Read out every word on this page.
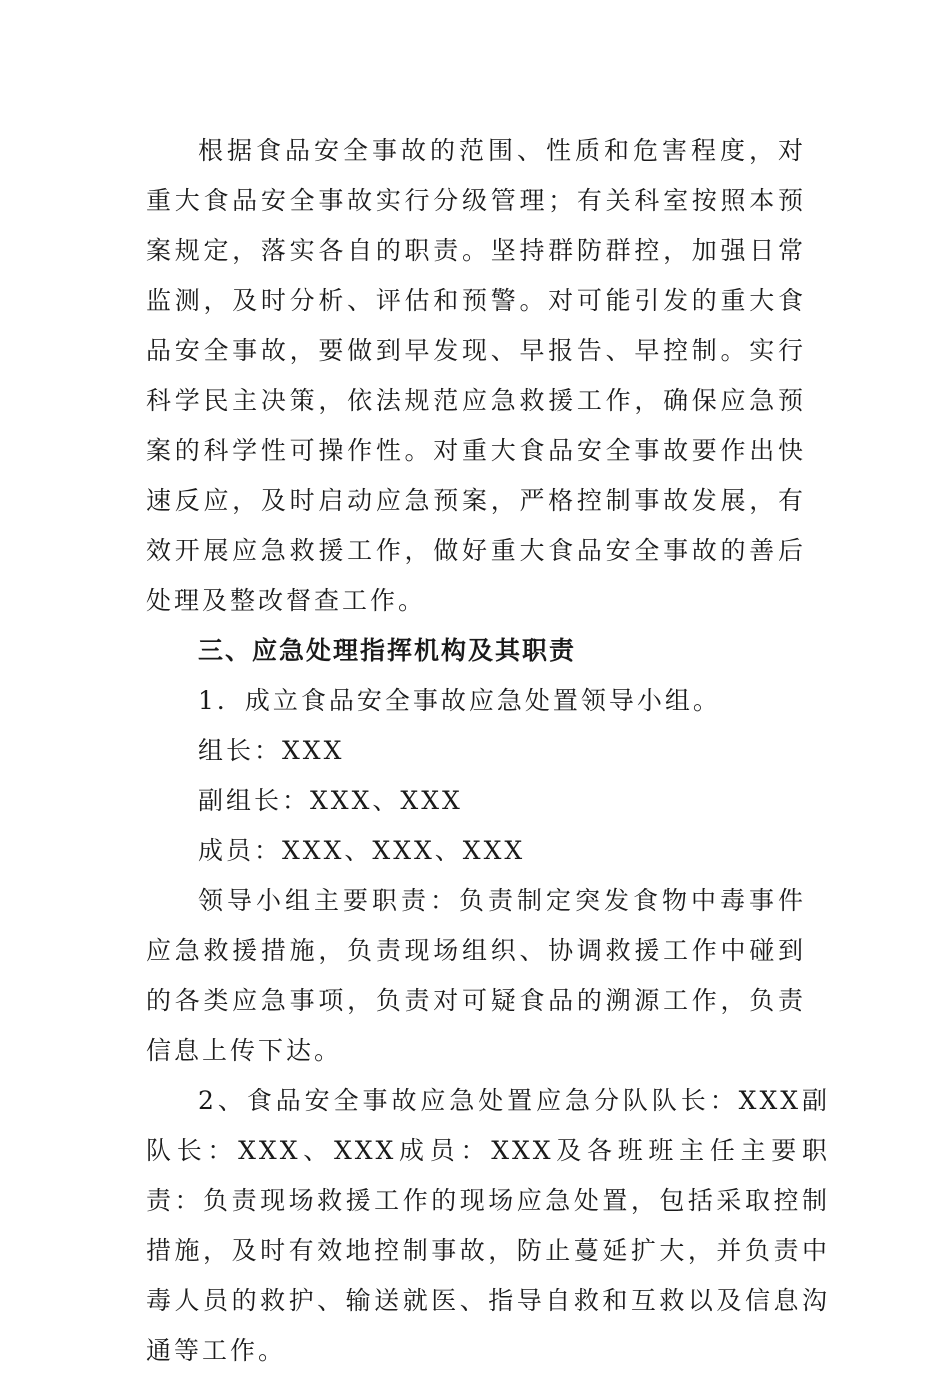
根据食品安全事故的范围、性质和危害程度，对重大食品安全事故实行分级管理；有关科室按照本预案规定，落实各自的职责。坚持群防群控，加强日常监测，及时分析、评估和预警。对可能引发的重大食品安全事故，要做到早发现、早报告、早控制。实行科学民主决策，依法规范应急救援工作，确保应急预案的科学性可操作性。对重大食品安全事故要作出快速反应，及时启动应急预案，严格控制事故发展，有效开展应急救援工作，做好重大食品安全事故的善后处理及整改督查工作。

三、应急处理指挥机构及其职责

1．成立食品安全事故应急处置领导小组。

组长：XXX

副组长：XXX、XXX

成员：XXX、XXX、XXX

领导小组主要职责：负责制定突发食物中毒事件应急救援措施，负责现场组织、协调救援工作中碰到的各类应急事项，负责对可疑食品的溯源工作，负责信息上传下达。

2、食品安全事故应急处置应急分队队长：XXX副队长：XXX、XXX成员：XXX及各班班主任主要职责：负责现场救援工作的现场应急处置，包括采取控制措施，及时有效地控制事故，防止蔓延扩大，并负责中毒人员的救护、输送就医、指导自救和互救以及信息沟通等工作。
